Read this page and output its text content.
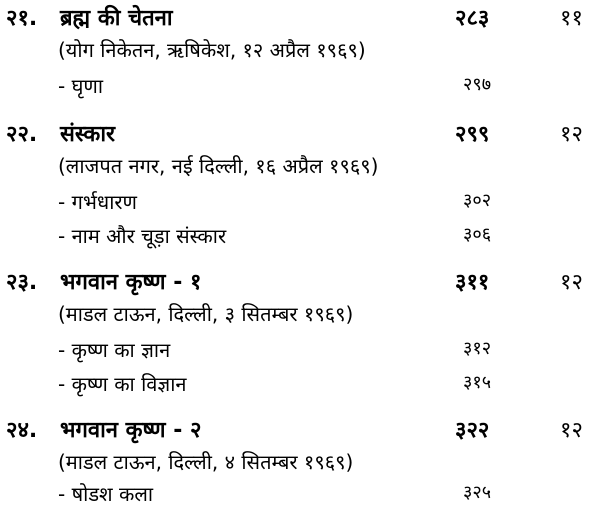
२१. ब्रह्म की चेतना	२८३	११
(योग निकेतन, ऋषिकेश, १२ अप्रैल १९६९)
- घृणा	२९७
२२. संस्कार	२९९	१२
(लाजपत नगर, नई दिल्ली, १६ अप्रैल १९६९)
- गर्भधारण	३०२
- नाम और चूड़ा संस्कार	३०६
२३. भगवान कृष्ण - १	३११	१२
(माडल टाऊन, दिल्ली, ३ सितम्बर १९६९)
- कृष्ण का ज्ञान	३१२
- कृष्ण का विज्ञान	३१५
२४. भगवान कृष्ण - २	३२२	१२
(माडल टाऊन, दिल्ली, ४ सितम्बर १९६९)
- षोडश कला	३२५
